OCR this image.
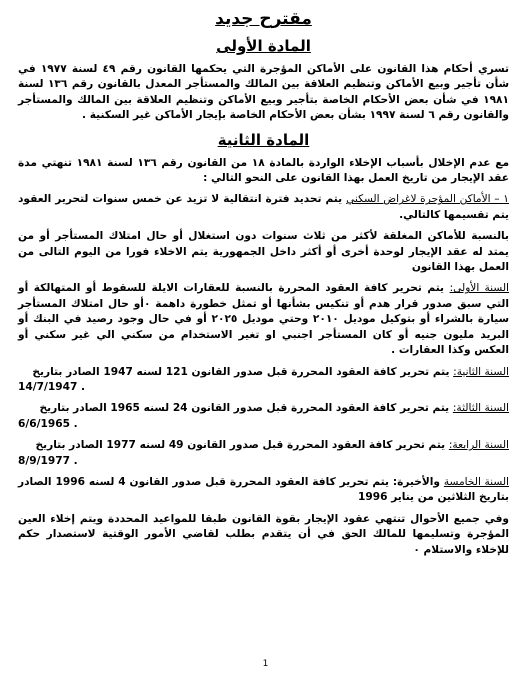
مقترح جديد
المادة الأولى

تسري أحكام هذا القانون على الأماكن المؤجرة التي يحكمها القانون رقم ٤٩ لسنة ١٩٧٧ في شأن تأجير وبيع الأماكن وتنظيم العلاقة بين المالك والمستأجر المعدل بالقانون رقم ١٣٦ لسنة ١٩٨١ في شأن بعض الأحكام الخاصة بتأجير وبيع الأماكن وتنظيم العلاقة بين المالك والمستأجر والقانون رقم ٦ لسنة ١٩٩٧ بشأن بعض الأحكام الخاصة بإيجار الأماكن غير السكنية .

المادة الثانية

مع عدم الإخلال بأسباب الإخلاء الواردة بالمادة ١٨ من القانون رقم ١٣٦ لسنة ١٩٨١ تنهتي مدة عقد الإيجار من تاريخ العمل بهذا القانون على النحو التالي :

١ – الأماكن المؤجرة لاغراض السكني يتم تحديد فترة انتقالية لا تزيد عن خمس سنوات لتحرير العقود يتم تقسيمها كالتالي.

بالنسبة للأماكن المغلقة لأكثر من ثلاث سنوات دون استغلال أو حال امتلاك المستأجر أو من يمتد له عقد الإيجار لوحدة أخرى أو أكثر داخل الجمهورية يتم الاخلاء فورا من اليوم التالى من العمل بهذا القانون

السنة الأولى: يتم تحرير كافة العقود المحررة بالنسبة للعقارات الايلة للسقوط أو المتهالكة أو التي سبق صدور قرار هدم أو تنكيس بشأنها أو تمثل خطورة داهمة ٠أو حال امتلاك المستأجر سيارة بالشراء أو بتوكيل موديل ٢٠١٠ وحتي موديل ٢٠٢٥ أو في حال وجود رصيد في البنك أو البريد مليون جنيه أو كان المستأجر اجنبي او تغير الاستخدام من سكني الي غير سكني أو العكس وكذا العقارات .

السنة الثانية: يتم تحرير كافة العقود المحررة قبل صدور القانون 121 لسنه 1947 الصادر بتاريخ
14/7/1947 .

السنة الثالثة: يتم تحرير كافة العقود المحررة قبل صدور القانون 24 لسنه 1965 الصادر بتاريخ
6/6/1965 .

السنة الرابعة: يتم تحرير كافة العقود المحررة قبل صدور القانون 49 لسنه 1977 الصادر بتاريخ
8/9/1977 .

السنة الخامسة والأخيرة: يتم تحرير كافة العقود المحررة قبل صدور القانون 4 لسنه 1996 الصادر بتاريخ الثلاثين من يناير 1996

وفي جميع الأحوال تنتهي عقود الإيجار بقوة القانون طبقا للمواعيد المحددة ويتم إخلاء العين المؤجرة وتسليمها للمالك الحق في أن يتقدم بطلب لقاضي الأمور الوقتية لاستصدار حكم للإخلاء والاستلام ٠

1
